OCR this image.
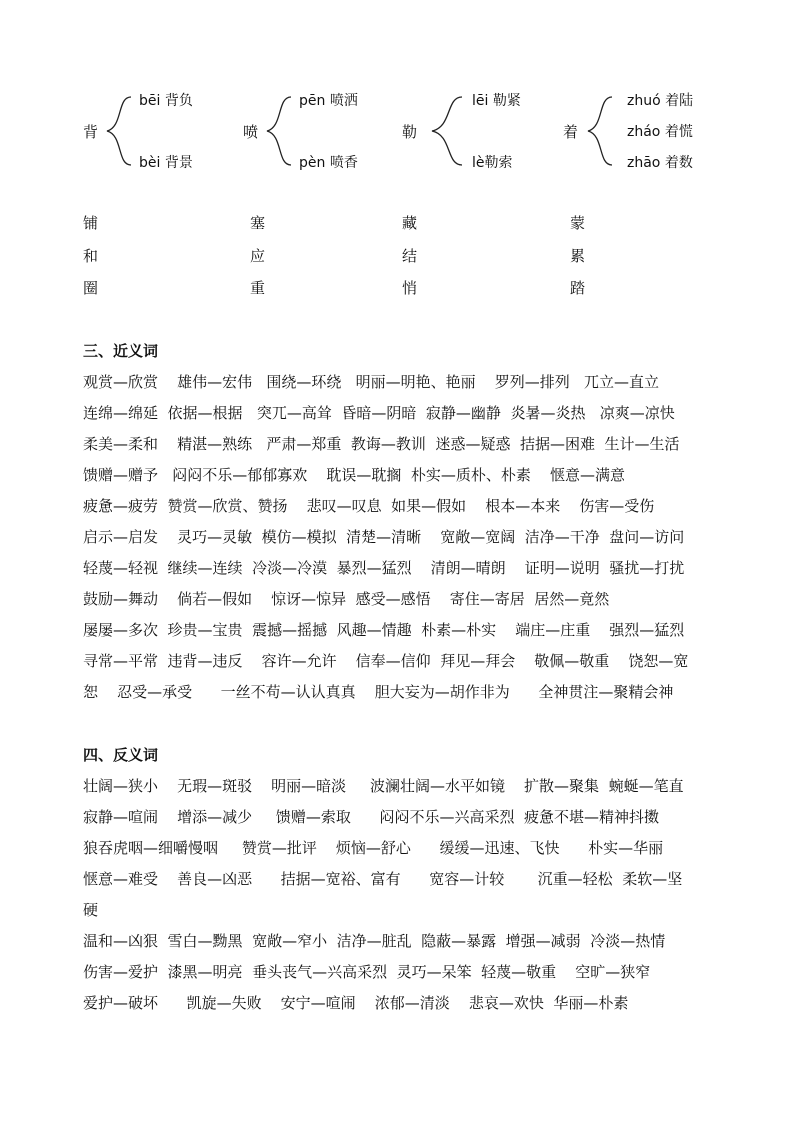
背
bēi 背负
bèi 背景
喷
pēn 喷洒
pèn 喷香
勒
lēi 勒紧
lè勒索
着
zhuó 着陆
zháo 着慌
zhāo 着数
铺	塞	藏	蒙
和	应	结	累
圈	重	悄	踏
三、近义词
观赏—欣赏    雄伟—宏伟   围绕—环绕   明丽—明艳、艳丽    罗列—排列   兀立—直立
连绵—绵延  依据—根据   突兀—高耸  昏暗—阴暗  寂静—幽静  炎暑—炎热   凉爽—凉快
柔美—柔和    精湛—熟练   严肃—郑重  教诲—教训  迷惑—疑惑  拮据—困难  生计—生活
馈赠—赠予   闷闷不乐—郁郁寡欢    耽误—耽搁  朴实—质朴、朴素    惬意—满意
疲惫—疲劳  赞赏—欣赏、赞扬    悲叹—叹息  如果—假如    根本—本来    伤害—受伤
启示—启发    灵巧—灵敏  模仿—模拟  清楚—清晰    宽敞—宽阔  洁净—干净  盘问—访问
轻蔑—轻视  继续—连续  冷淡—冷漠  暴烈—猛烈    清朗—晴朗    证明—说明  骚扰—打扰
鼓励—舞动    倘若—假如    惊讶—惊异  感受—感悟    寄住—寄居  居然—竟然
屡屡—多次  珍贵—宝贵  震撼—摇撼  风趣—情趣  朴素—朴实    端庄—庄重    强烈—猛烈
寻常—平常  违背—违反    容许—允许    信奉—信仰  拜见—拜会    敬佩—敬重    饶恕—宽
恕    忍受—承受      一丝不苟—认认真真    胆大妄为—胡作非为      全神贯注—聚精会神
四、反义词
壮阔—狭小    无瑕—斑驳    明丽—暗淡     波澜壮阔—水平如镜    扩散—聚集  蜿蜒—笔直
寂静—喧闹    增添—减少     馈赠—索取      闷闷不乐—兴高采烈  疲惫不堪—精神抖擞
狼吞虎咽—细嚼慢咽     赞赏—批评    烦恼—舒心      缓缓—迅速、飞快      朴实—华丽
惬意—难受    善良—凶恶      拮据—宽裕、富有      宽容—计较       沉重—轻松  柔软—坚
硬
温和—凶狠  雪白—黝黑  宽敞—窄小  洁净—脏乱  隐蔽—暴露  增强—减弱  冷淡—热情
伤害—爱护  漆黑—明亮  垂头丧气—兴高采烈  灵巧—呆笨  轻蔑—敬重    空旷—狭窄
爱护—破坏      凯旋—失败    安宁—喧闹    浓郁—清淡    悲哀—欢快  华丽—朴素
